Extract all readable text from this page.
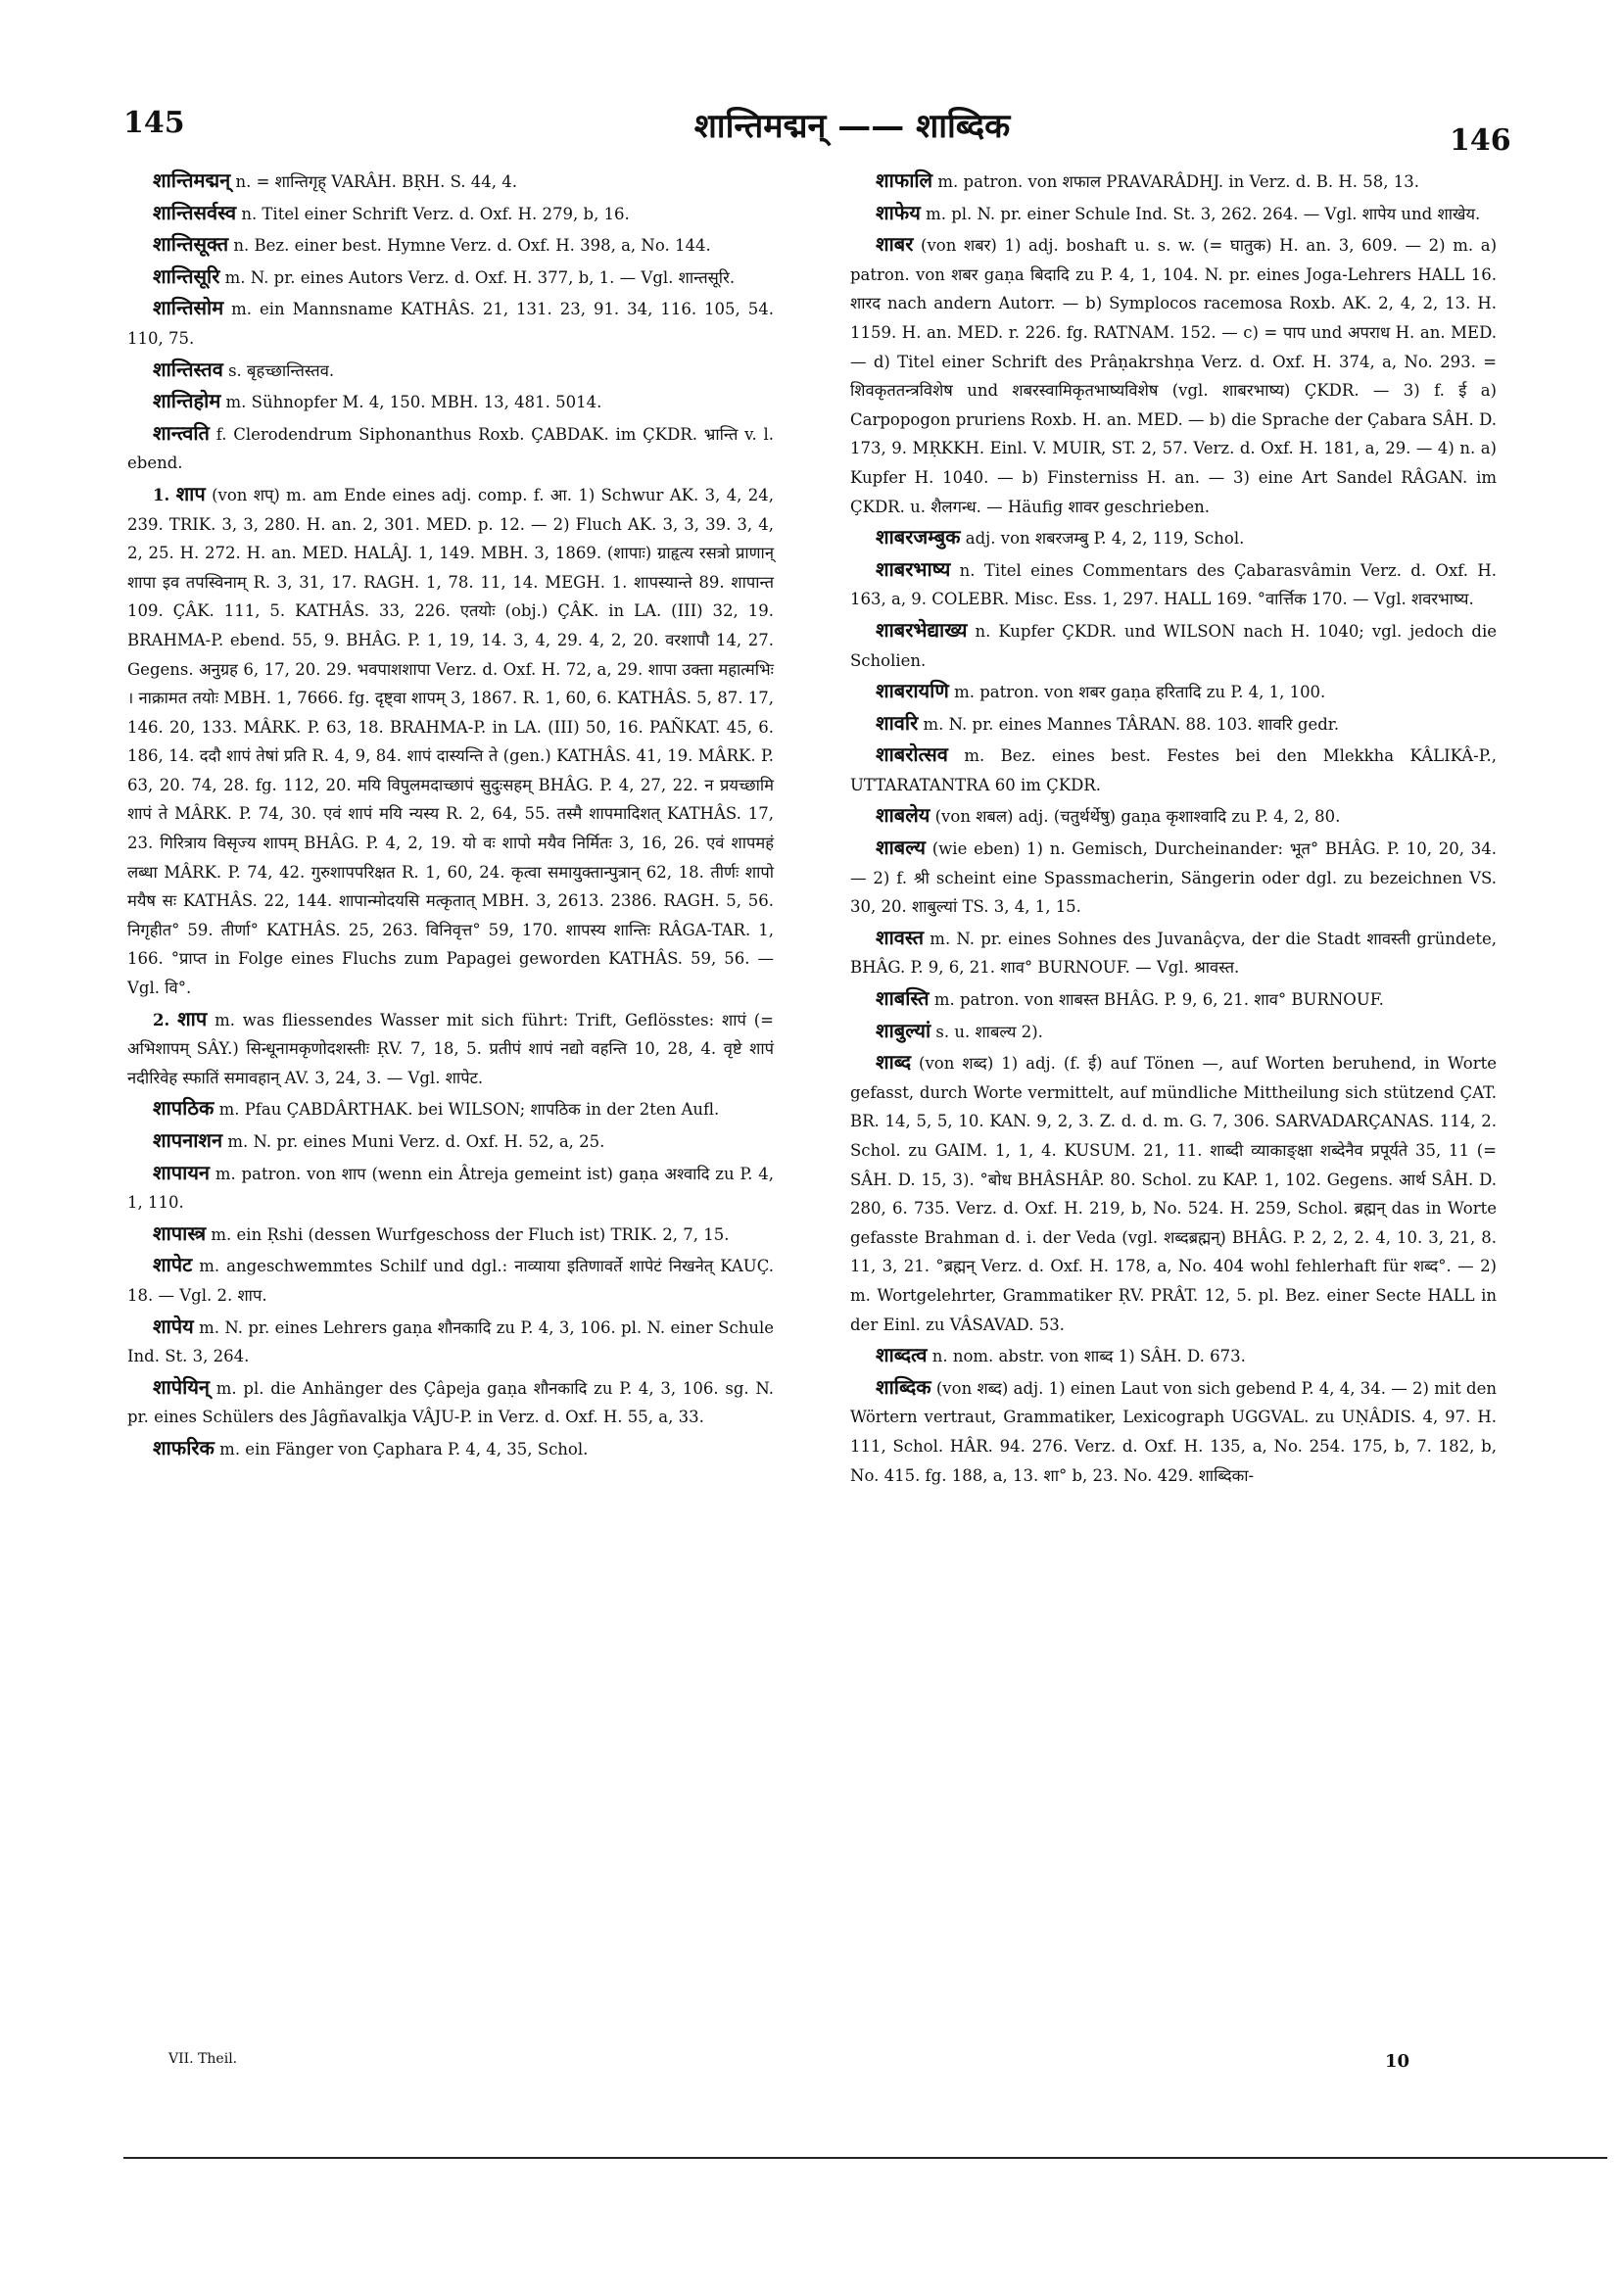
145	शान्तिमद्मन् —— शाब्दिक	146

शान्तिमद्मन् n. = शान्तिगृह् VARÂH. BṚH. S. 44, 4.

शान्तिसर्वस्व n. Titel einer Schrift Verz. d. Oxf. H. 279, b, 16.

शान्तिसूक्त n. Bez. einer best. Hymne Verz. d. Oxf. H. 398, a, No. 144.

शान्तिसूरि m. N. pr. eines Autors Verz. d. Oxf. H. 377, b, 1. — Vgl. शान्तसूरि.

शान्तिसोम m. ein Mannsname KATHÂS. 21, 131. 23, 91. 34, 116. 105, 54. 110, 75.

शान्तिस्तव s. बृहच्छान्तिस्तव.

शान्तिहोम m. Sühnopfer M. 4, 150. MBH. 13, 481. 5014.

शान्त्वति f. Clerodendrum Siphonanthus Roxb. ÇABDAK. im ÇKDR. भ्रान्ति v. l. ebend.

1. शाप (von शप्) m. am Ende eines adj. comp. f. आ. 1) Schwur AK. 3, 4, 24, 239. TRIK. 3, 3, 280. H. an. 2, 301. MED. p. 12. — 2) Fluch AK. 3, 3, 39. 3, 4, 2, 25. H. 272. H. an. MED. HALÂJ. 1, 149. MBH. 3, 1869. (शापाः) ग्राहृत्य रसत्रो प्राणान् शापा इव तपस्विनाम् R. 3, 31, 17. RAGH. 1, 78. 11, 14. MEGH. 1. शापस्यान्ते 89. शापान्त 109. ÇÂK. 111, 5. KATHÂS. 33, 226. एतयोः (obj.) ÇÂK. in LA. (III) 32, 19. BRAHMA-P. ebend. 55, 9. BHÂG. P. 1, 19, 14. 3, 4, 29. 4, 2, 20. वरशापौ 14, 27. Gegens. अनुग्रह 6, 17, 20. 29. भवपाशशापा Verz. d. Oxf. H. 72, a, 29. शापा उक्ता महात्मभिः । नाक्रामत तयोः MBH. 1, 7666. fg. दृष्ट्वा शापम् 3, 1867. R. 1, 60, 6. KATHÂS. 5, 87. 17, 146. 20, 133. MÂRK. P. 63, 18. BRAHMA-P. in LA. (III) 50, 16. PAÑKAT. 45, 6. 186, 14. ददौ शापं तेषां प्रति R. 4, 9, 84. शापं दास्यन्ति ते (gen.) KATHÂS. 41, 19. MÂRK. P. 63, 20. 74, 28. fg. 112, 20. मयि विपुलमदाच्छापं सुदुःसहम् BHÂG. P. 4, 27, 22. न प्रयच्छामि शापं ते MÂRK. P. 74, 30. एवं शापं मयि न्यस्य R. 2, 64, 55. तस्मै शापमादिशत् KATHÂS. 17, 23. गिरित्राय विसृज्य शापम् BHÂG. P. 4, 2, 19. यो वः शापो मयैव निर्मितः 3, 16, 26. एवं शापमहं लब्धा MÂRK. P. 74, 42. गुरुशापपरिक्षत R. 1, 60, 24. कृत्वा समायुक्तान्पुत्रान् 62, 18. तीर्णः शापो मयैष सः KATHÂS. 22, 144. शापान्मोदयसि मत्कृतात् MBH. 3, 2613. 2386. RAGH. 5, 56. निगृहीत° 59. तीर्णा° KATHÂS. 25, 263. विनिवृत्त° 59, 170. शापस्य शान्तिः RÂGA-TAR. 1, 166. °प्राप्त in Folge eines Fluchs zum Papagei geworden KATHÂS. 59, 56. — Vgl. वि°.

2. शाप m. was fliessendes Wasser mit sich führt: Trift, Geflösstes: शापं (= अभिशापम् SÂY.) सिन्धूनामकृणोदशस्तीः ṚV. 7, 18, 5. प्रतीपं शापं नद्यो वहन्ति 10, 28, 4. वृष्टे शापं नदीरिवेह स्फातिं समावहान् AV. 3, 24, 3. — Vgl. शापेट.

शापठिक m. Pfau ÇABDÂRTHAK. bei WILSON; शापठिक in der 2ten Aufl.

शापनाशन m. N. pr. eines Muni Verz. d. Oxf. H. 52, a, 25.

शापायन m. patron. von शाप (wenn ein Âtreja gemeint ist) gaṇa अश्वादि zu P. 4, 1, 110.

शापास्त्र m. ein Ṛshi (dessen Wurfgeschoss der Fluch ist) TRIK. 2, 7, 15.

शापेट m. angeschwemmtes Schilf und dgl.: नाव्याया इतिणावर्ते शापेटं निखनेत् KAUÇ. 18. — Vgl. 2. शाप.

शापेय m. N. pr. eines Lehrers gaṇa शौनकादि zu P. 4, 3, 106. pl. N. einer Schule Ind. St. 3, 264.

शापेयिन् m. pl. die Anhänger des Çâpeja gaṇa शौनकादि zu P. 4, 3, 106. sg. N. pr. eines Schülers des Jâgñavalkja VÂJU-P. in Verz. d. Oxf. H. 55, a, 33.

शाफरिक m. ein Fänger von Çaphara P. 4, 4, 35, Schol.

शाफालि m. patron. von शफाल PRAVARÂDHJ. in Verz. d. B. H. 58, 13.

शाफेय m. pl. N. pr. einer Schule Ind. St. 3, 262. 264. — Vgl. शापेय und शाखेय.

शाबर (von शबर) 1) adj. boshaft u. s. w. (= घातुक) H. an. 3, 609. — 2) m. a) patron. von शबर gaṇa बिदादि zu P. 4, 1, 104. N. pr. eines Joga-Lehrers HALL 16. शारद nach andern Autorr. — b) Symplocos racemosa Roxb. AK. 2, 4, 2, 13. H. 1159. H. an. MED. r. 226. fg. RATNAM. 152. — c) = पाप und अपराध H. an. MED. — d) Titel einer Schrift des Prâṇakrshṇa Verz. d. Oxf. H. 374, a, No. 293. = शिवकृततन्त्रविशेष und शबरस्वामिकृतभाष्यविशेष (vgl. शाबरभाष्य) ÇKDR. — 3) f. ई a) Carpopogon pruriens Roxb. H. an. MED. — b) die Sprache der Çabara SÂH. D. 173, 9. MṚKKH. Einl. V. MUIR, ST. 2, 57. Verz. d. Oxf. H. 181, a, 29. — 4) n. a) Kupfer H. 1040. — b) Finsterniss H. an. — 3) eine Art Sandel RÂGAN. im ÇKDR. u. शैलगन्ध. — Häufig शावर geschrieben.

शाबरजम्बुक adj. von शबरजम्बु P. 4, 2, 119, Schol.

शाबरभाष्य n. Titel eines Commentars des Çabarasvâmin Verz. d. Oxf. H. 163, a, 9. COLEBR. Misc. Ess. 1, 297. HALL 169. °वार्त्तिक 170. — Vgl. शवरभाष्य.

शाबरभेद्याख्य n. Kupfer ÇKDR. und WILSON nach H. 1040; vgl. jedoch die Scholien.

शाबरायणि m. patron. von शबर gaṇa हरितादि zu P. 4, 1, 100.

शावरि m. N. pr. eines Mannes TÂRAN. 88. 103. शावरि gedr.

शाबरोत्सव m. Bez. eines best. Festes bei den Mlekkha KÂLIKÂ-P., UTTARATANTRA 60 im ÇKDR.

शाबलेय (von शबल) adj. (चतुर्थर्थेषु) gaṇa कृशाश्वादि zu P. 4, 2, 80.

शाबल्य (wie eben) 1) n. Gemisch, Durcheinander: भूत° BHÂG. P. 10, 20, 34. — 2) f. श्री scheint eine Spassmacherin, Sängerin oder dgl. zu bezeichnen VS. 30, 20. शाबुल्यां TS. 3, 4, 1, 15.

शावस्त m. N. pr. eines Sohnes des Juvanâçva, der die Stadt शावस्ती gründete, BHÂG. P. 9, 6, 21. शाव° BURNOUF. — Vgl. श्रावस्त.

शाबस्ति m. patron. von शाबस्त BHÂG. P. 9, 6, 21. शाव° BURNOUF.

शाबुल्यां s. u. शाबल्य 2).

शाब्द (von शब्द) 1) adj. (f. ई) auf Tönen —, auf Worten beruhend, in Worte gefasst, durch Worte vermittelt, auf mündliche Mittheilung sich stützend ÇAT. BR. 14, 5, 5, 10. KAN. 9, 2, 3. Z. d. d. m. G. 7, 306. SARVADARÇANAS. 114, 2. Schol. zu GAIM. 1, 1, 4. KUSUM. 21, 11. शाब्दी व्याकाङ्क्षा शब्देनैव प्रपूर्यते 35, 11 (= SÂH. D. 15, 3). °बोध BHÂSHÂP. 80. Schol. zu KAP. 1, 102. Gegens. आर्थ SÂH. D. 280, 6. 735. Verz. d. Oxf. H. 219, b, No. 524. H. 259, Schol. ब्रह्मन् das in Worte gefasste Brahman d. i. der Veda (vgl. शब्दब्रह्मन्) BHÂG. P. 2, 2, 2. 4, 10. 3, 21, 8. 11, 3, 21. °ब्रह्मन् Verz. d. Oxf. H. 178, a, No. 404 wohl fehlerhaft für शब्द°. — 2) m. Wortgelehrter, Grammatiker ṚV. PRÂT. 12, 5. pl. Bez. einer Secte HALL in der Einl. zu VÂSAVAD. 53.

शाब्दत्व n. nom. abstr. von शाब्द 1) SÂH. D. 673.

शाब्दिक (von शब्द) adj. 1) einen Laut von sich gebend P. 4, 4, 34. — 2) mit den Wörtern vertraut, Grammatiker, Lexicograph UGGVAL. zu UṆÂDIS. 4, 97. H. 111, Schol. HÂR. 94. 276. Verz. d. Oxf. H. 135, a, No. 254. 175, b, 7. 182, b, No. 415. fg. 188, a, 13. शा° b, 23. No. 429. शाब्दिका-

VII. Theil.	10
